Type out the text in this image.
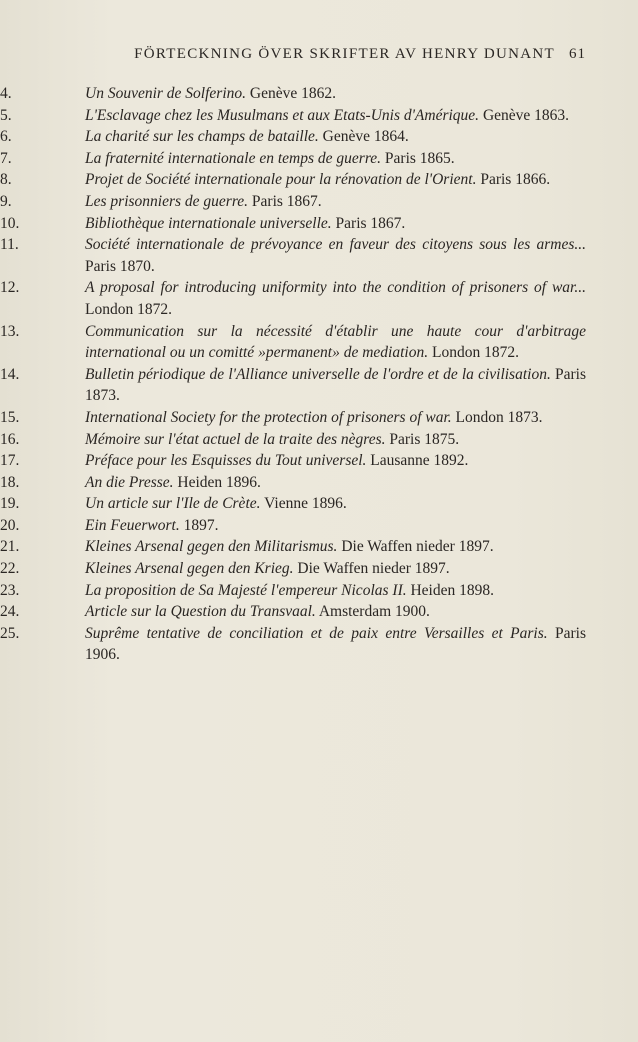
FÖRTECKNING ÖVER SKRIFTER AV HENRY DUNANT 61
4.	Un Souvenir de Solferino. Genève 1862.
5.	L'Esclavage chez les Musulmans et aux Etats-Unis d'Amérique. Genève 1863.
6.	La charité sur les champs de bataille. Genève 1864.
7.	La fraternité internationale en temps de guerre. Paris 1865.
8.	Projet de Société internationale pour la rénovation de l'Orient. Paris 1866.
9.	Les prisonniers de guerre. Paris 1867.
10.	Bibliothèque internationale universelle. Paris 1867.
11.	Société internationale de prévoyance en faveur des citoyens sous les armes... Paris 1870.
12.	A proposal for introducing uniformity into the condition of prisoners of war... London 1872.
13.	Communication sur la nécessité d'établir une haute cour d'arbitrage international ou un comitté »permanent» de mediation. London 1872.
14.	Bulletin périodique de l'Alliance universelle de l'ordre et de la civilisation. Paris 1873.
15.	International Society for the protection of prisoners of war. London 1873.
16.	Mémoire sur l'état actuel de la traite des nègres. Paris 1875.
17.	Préface pour les Esquisses du Tout universel. Lausanne 1892.
18.	An die Presse. Heiden 1896.
19.	Un article sur l'Ile de Crète. Vienne 1896.
20.	Ein Feuerwort. 1897.
21.	Kleines Arsenal gegen den Militarismus. Die Waffen nieder 1897.
22.	Kleines Arsenal gegen den Krieg. Die Waffen nieder 1897.
23.	La proposition de Sa Majesté l'empereur Nicolas II. Heiden 1898.
24.	Article sur la Question du Transvaal. Amsterdam 1900.
25.	Suprême tentative de conciliation et de paix entre Versailles et Paris. Paris 1906.
